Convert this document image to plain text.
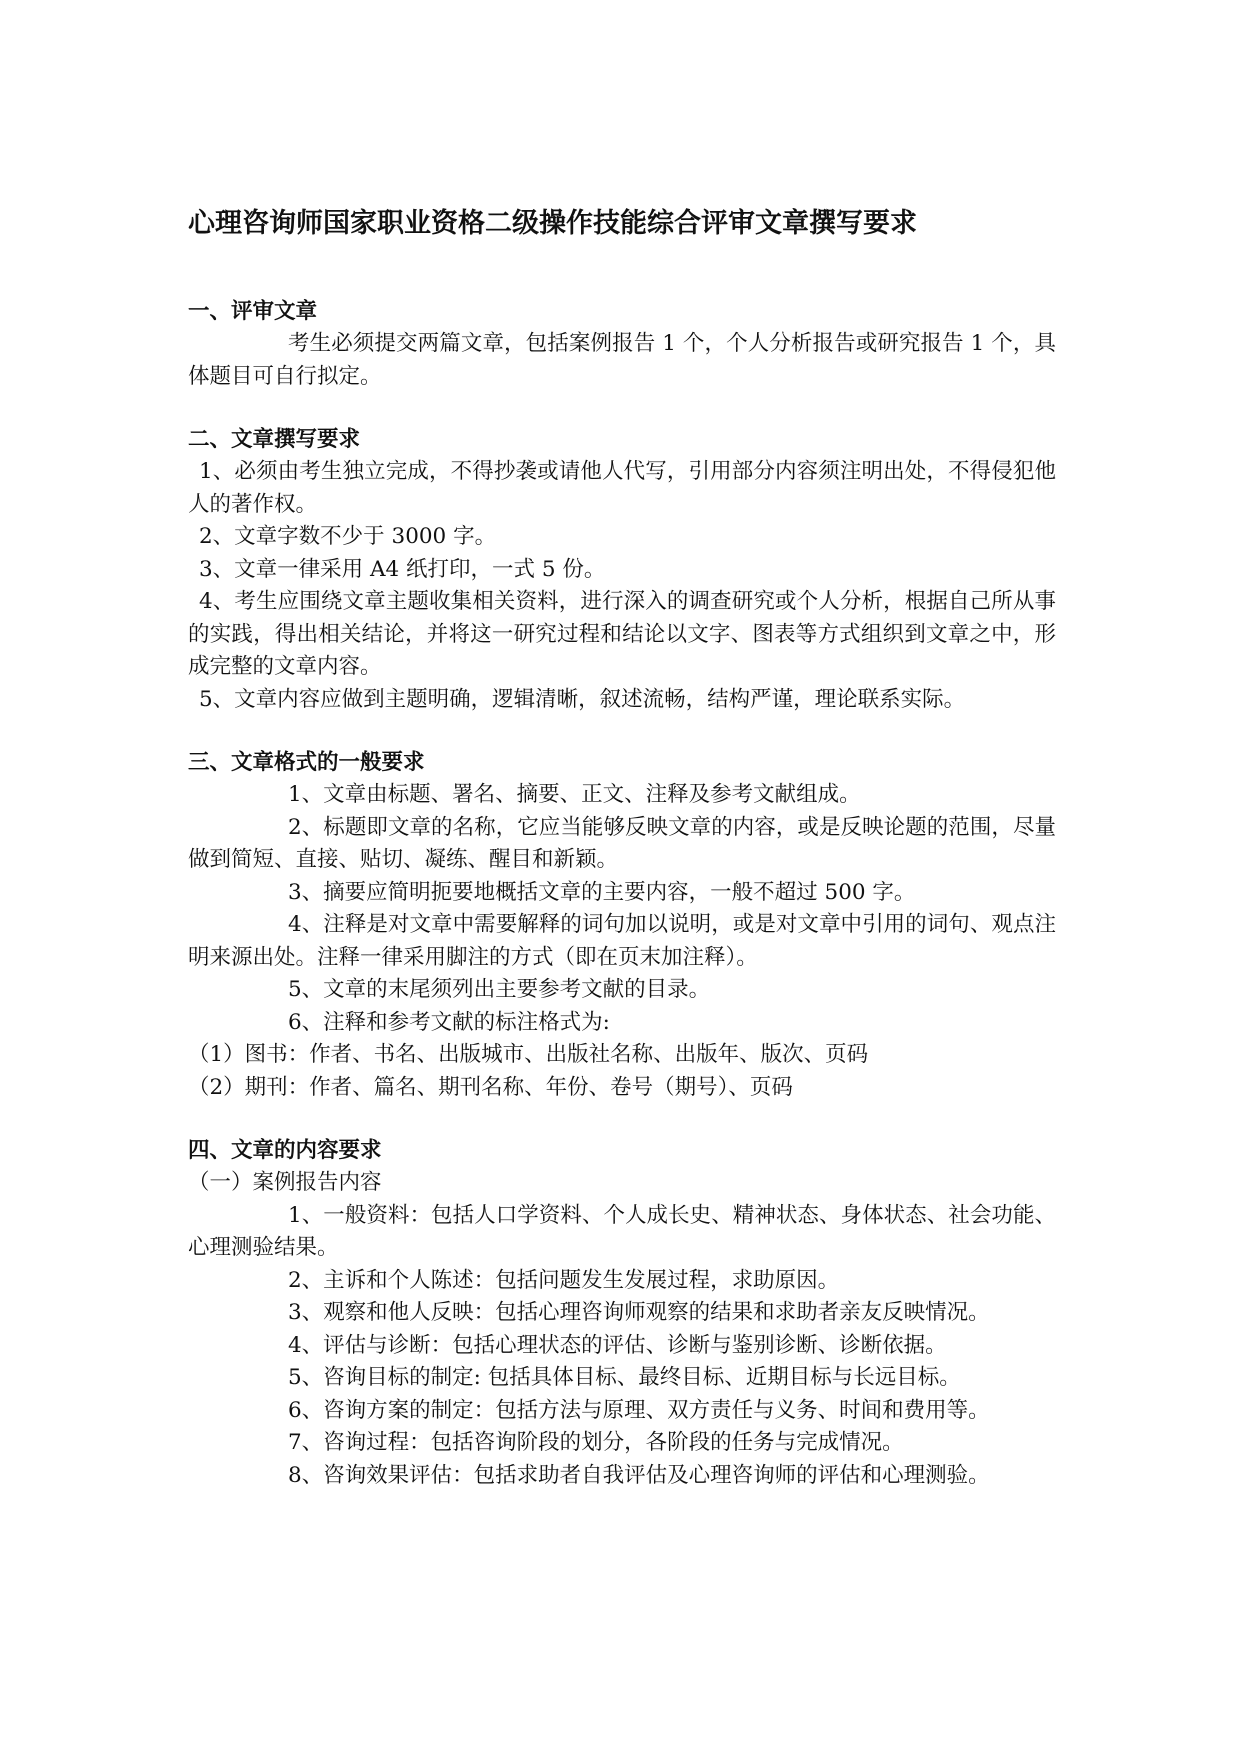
心理咨询师国家职业资格二级操作技能综合评审文章撰写要求
一、评审文章

考生必须提交两篇文章，包括案例报告 1 个，个人分析报告或研究报告 1 个，具体题目可自行拟定。

二、文章撰写要求

1、必须由考生独立完成，不得抄袭或请他人代写，引用部分内容须注明出处，不得侵犯他人的著作权。

2、文章字数不少于 3000 字。

3、文章一律采用 A4 纸打印，一式 5 份。

4、考生应围绕文章主题收集相关资料，进行深入的调查研究或个人分析，根据自己所从事的实践，得出相关结论，并将这一研究过程和结论以文字、图表等方式组织到文章之中，形成完整的文章内容。

5、文章内容应做到主题明确，逻辑清晰，叙述流畅，结构严谨，理论联系实际。

三、文章格式的一般要求

1、文章由标题、署名、摘要、正文、注释及参考文献组成。

2、标题即文章的名称，它应当能够反映文章的内容，或是反映论题的范围，尽量做到简短、直接、贴切、凝练、醒目和新颖。

3、摘要应简明扼要地概括文章的主要内容，一般不超过 500 字。

4、注释是对文章中需要解释的词句加以说明，或是对文章中引用的词句、观点注明来源出处。注释一律采用脚注的方式（即在页末加注释）。

5、文章的末尾须列出主要参考文献的目录。

6、注释和参考文献的标注格式为:

（1）图书：作者、书名、出版城市、出版社名称、出版年、版次、页码

（2）期刊：作者、篇名、期刊名称、年份、卷号（期号）、页码

四、文章的内容要求

（一）案例报告内容

1、一般资料：包括人口学资料、个人成长史、精神状态、身体状态、社会功能、心理测验结果。

2、主诉和个人陈述：包括问题发生发展过程，求助原因。

3、观察和他人反映：包括心理咨询师观察的结果和求助者亲友反映情况。

4、评估与诊断：包括心理状态的评估、诊断与鉴别诊断、诊断依据。

5、咨询目标的制定: 包括具体目标、最终目标、近期目标与长远目标。

6、咨询方案的制定：包括方法与原理、双方责任与义务、时间和费用等。

7、咨询过程：包括咨询阶段的划分，各阶段的任务与完成情况。

8、咨询效果评估：包括求助者自我评估及心理咨询师的评估和心理测验。
